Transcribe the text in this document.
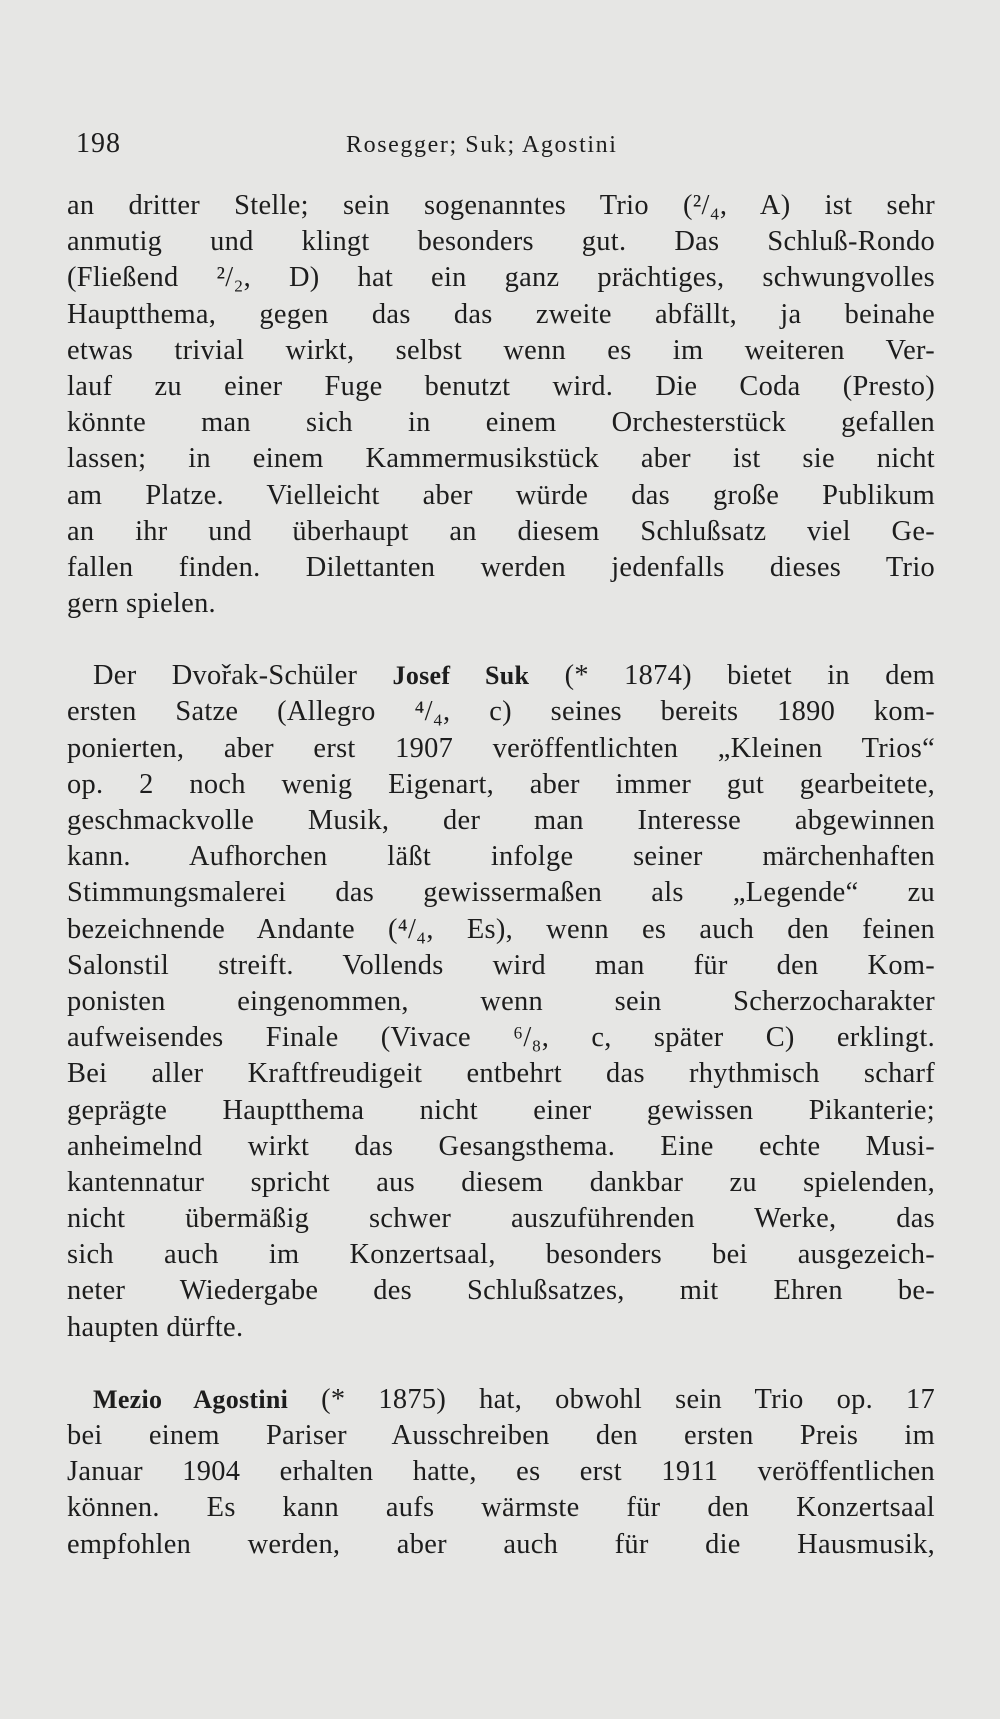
198	Rosegger; Suk; Agostini
an dritter Stelle; sein sogenanntes Trio (²/₄, A) ist sehr
anmutig und klingt besonders gut. Das Schluß-Rondo
(Fließend ²/₂, D) hat ein ganz prächtiges, schwungvolles
Hauptthema, gegen das das zweite abfällt, ja beinahe
etwas trivial wirkt, selbst wenn es im weiteren Ver-
lauf zu einer Fuge benutzt wird. Die Coda (Presto)
könnte man sich in einem Orchesterstück gefallen
lassen; in einem Kammermusikstück aber ist sie nicht
am Platze. Vielleicht aber würde das große Publikum
an ihr und überhaupt an diesem Schlußsatz viel Ge-
fallen finden. Dilettanten werden jedenfalls dieses Trio
gern spielen.
Der Dvořak-Schüler Josef Suk (* 1874) bietet in dem
ersten Satze (Allegro ⁴/₄, c) seines bereits 1890 kom-
ponierten, aber erst 1907 veröffentlichten „Kleinen Trios“
op. 2 noch wenig Eigenart, aber immer gut gearbeitete,
geschmackvolle Musik, der man Interesse abgewinnen
kann. Aufhorchen läßt infolge seiner märchenhaften
Stimmungsmalerei das gewissermaßen als „Legende“ zu
bezeichnende Andante (⁴/₄, Es), wenn es auch den feinen
Salonstil streift. Vollends wird man für den Kom-
ponisten eingenommen, wenn sein Scherzocharakter
aufweisendes Finale (Vivace ⁶/₈, c, später C) erklingt.
Bei aller Kraftfreudigeit entbehrt das rhythmisch scharf
geprägte Hauptthema nicht einer gewissen Pikanterie;
anheimelnd wirkt das Gesangsthema. Eine echte Musi-
kantennatur spricht aus diesem dankbar zu spielenden,
nicht übermäßig schwer auszuführenden Werke, das
sich auch im Konzertsaal, besonders bei ausgezeich-
neter Wiedergabe des Schlußsatzes, mit Ehren be-
haupten dürfte.
Mezio Agostini (* 1875) hat, obwohl sein Trio op. 17
bei einem Pariser Ausschreiben den ersten Preis im
Januar 1904 erhalten hatte, es erst 1911 veröffentlichen
können. Es kann aufs wärmste für den Konzertsaal
empfohlen werden, aber auch für die Hausmusik,
